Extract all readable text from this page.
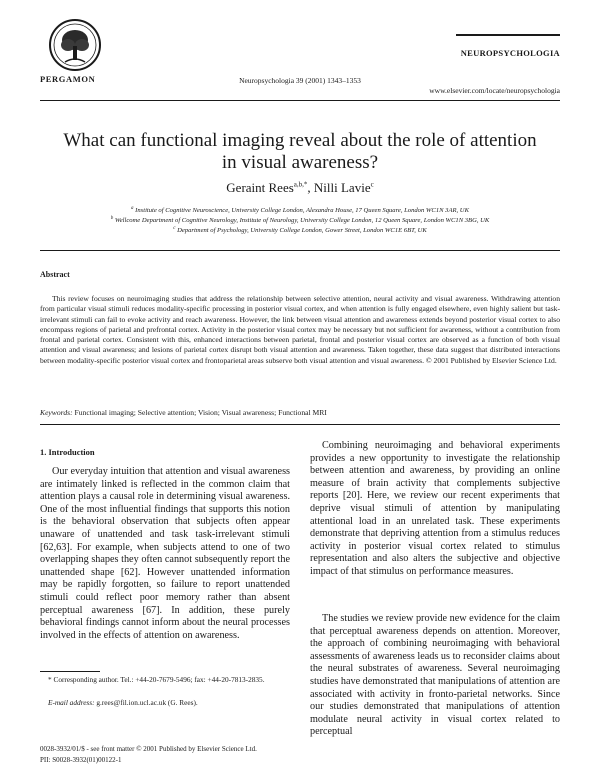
PERGAMON	Neuropsychologia 39 (2001) 1343–1353
NEUROPSYCHOLOGIA
www.elsevier.com/locate/neuropsychologia
What can functional imaging reveal about the role of attention in visual awareness?
Geraint Rees$^{a,b,*}$, Nilli Lavie$^c$
$^a$ Institute of Cognitive Neuroscience, University College London, Alexandra House, 17 Queen Square, London WC1N 3AR, UK
$^b$ Wellcome Department of Cognitive Neurology, Institute of Neurology, University College London, 12 Queen Square, London WC1N 3BG, UK
$^c$ Department of Psychology, University College London, Gower Street, London WC1E 6BT, UK
Abstract

This review focuses on neuroimaging studies that address the relationship between selective attention, neural activity and visual awareness. Withdrawing attention from particular visual stimuli reduces modality-specific processing in posterior visual cortex, and when attention is fully engaged elsewhere, even highly salient but task-irrelevant stimuli can fail to evoke activity and reach awareness. However, the link between visual attention and awareness extends beyond posterior visual cortex to also encompass regions of parietal and prefrontal cortex. Activity in the posterior visual cortex may be necessary but not sufficient for awareness, without a contribution from frontal and parietal cortex. Consistent with this, enhanced interactions between parietal, frontal and posterior visual cortex are observed as a function of both visual attention and visual awareness; and lesions of parietal cortex disrupt both visual attention and awareness. Taken together, these data suggest that distributed interactions between modality-specific posterior visual cortex and frontoparietal areas subserve both visual attention and visual awareness. © 2001 Published by Elsevier Science Ltd.

Keywords: Functional imaging; Selective attention; Vision; Visual awareness; Functional MRI
1. Introduction

Our everyday intuition that attention and visual awareness are intimately linked is reflected in the common claim that attention plays a causal role in determining visual awareness. One of the most influential findings that supports this notion is the behavioral observation that subjects often appear unaware of unattended and task task-irrelevant stimuli [62,63]. For example, when subjects attend to one of two overlapping shapes they often cannot subsequently report the unattended shape [62]. However unattended information may be rapidly forgotten, so failure to report unattended stimuli could reflect poor memory rather than absent perceptual awareness [67]. In addition, these purely behavioral findings cannot inform about the neural processes involved in the effects of attention on awareness.

Combining neuroimaging and behavioral experiments provides a new opportunity to investigate the relationship between attention and awareness, by providing an online measure of brain activity that complements subjective reports [20]. Here, we review our recent experiments that deprive visual stimuli of attention by manipulating attentional load in an unrelated task. These experiments demonstrate that depriving attention from a stimulus reduces activity in posterior visual cortex related to stimulus representation and also alters the subjective and objective impact of that stimulus on performance measures.

The studies we review provide new evidence for the claim that perceptual awareness depends on attention. Moreover, the approach of combining neuroimaging with behavioral assessments of awareness leads us to reconsider claims about the neural substrates of awareness. Several neuroimaging studies have demonstrated that manipulations of attention are associated with activity in fronto-parietal networks. Since our studies demonstrated that manipulations of attention modulate neural activity in visual cortex related to perceptual

* Corresponding author. Tel.: +44-20-7679-5496; fax: +44-20-7813-2835.

E-mail address: g.rees@fil.ion.ucl.ac.uk (G. Rees).

0028-3932/01/$ - see front matter © 2001 Published by Elsevier Science Ltd.
PII: S0028-3932(01)00122-1
